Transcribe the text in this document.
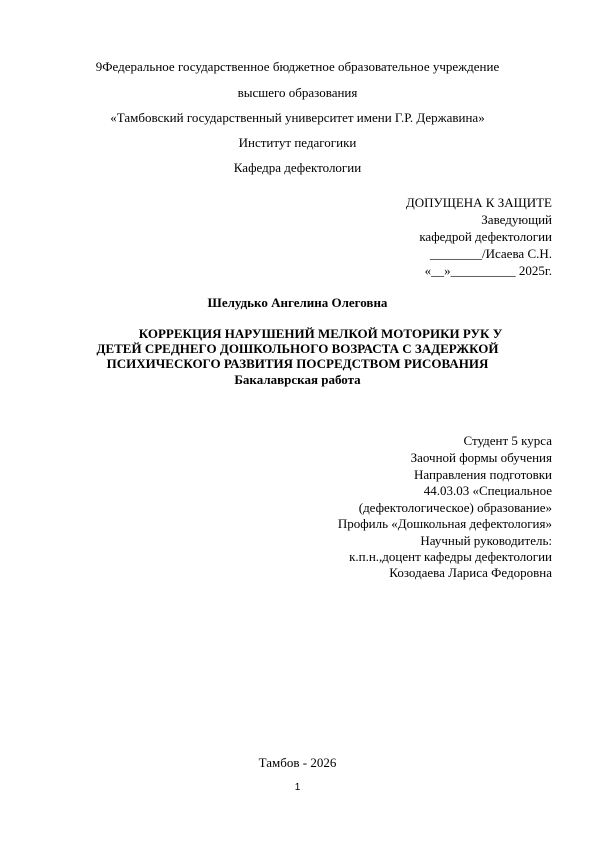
9Федеральное государственное бюджетное образовательное учреждение
высшего образования
«Тамбовский государственный университет имени Г.Р. Державина»
Институт педагогики
Кафедра дефектологии
ДОПУЩЕНА К ЗАЩИТЕ
Заведующий
кафедрой дефектологии
________/Исаева С.Н.
«__»__________ 2025г.
Шелудько Ангелина Олеговна
КОРРЕКЦИЯ НАРУШЕНИЙ МЕЛКОЙ МОТОРИКИ РУК У
ДЕТЕЙ СРЕДНЕГО ДОШКОЛЬНОГО ВОЗРАСТА С ЗАДЕРЖКОЙ
ПСИХИЧЕСКОГО РАЗВИТИЯ ПОСРЕДСТВОМ РИСОВАНИЯ
Бакалаврская работа
Студент 5 курса
Заочной формы обучения
Направления подготовки
44.03.03 «Специальное
(дефектологическое) образование»
Профиль «Дошкольная дефектология»
Научный руководитель:
к.п.н.,доцент кафедры дефектологии
Козодаева Лариса Федоровна
Тамбов - 2026
1
